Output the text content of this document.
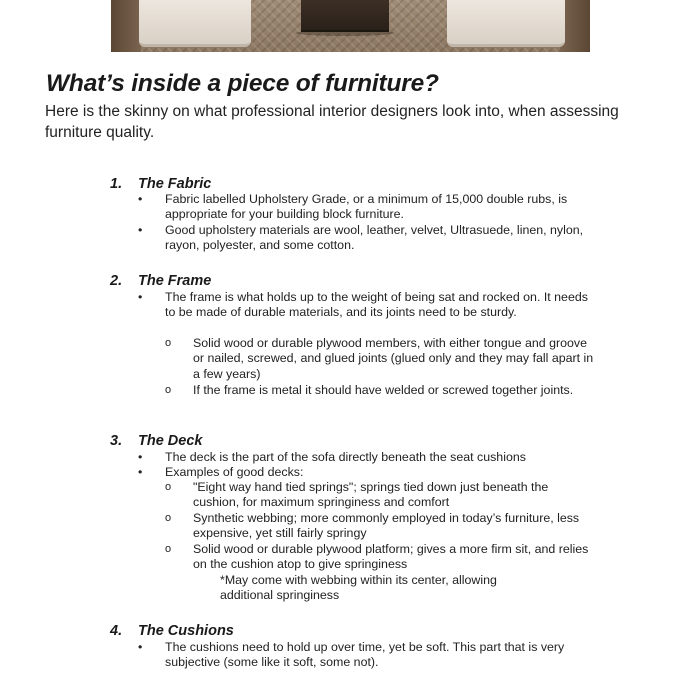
What’s inside a piece of furniture?

Here is the skinny on what professional interior designers look into, when assessing furniture quality.

1. The Fabric

• Fabric labelled Upholstery Grade, or a minimum of 15,000 double rubs, is appropriate for your building block furniture.

• Good upholstery materials are wool, leather, velvet, Ultrasuede, linen, nylon, rayon, polyester, and some cotton.

2. The Frame

• The frame is what holds up to the weight of being sat and rocked on. It needs to be made of durable materials, and its joints need to be sturdy.

o Solid wood or durable plywood members, with either tongue and groove or nailed, screwed, and glued joints (glued only and they may fall apart in a few years)

o If the frame is metal it should have welded or screwed together joints.

3. The Deck

• The deck is the part of the sofa directly beneath the seat cushions

• Examples of good decks:

o "Eight way hand tied springs"; springs tied down just beneath the cushion, for maximum springiness and comfort

o Synthetic webbing; more commonly employed in today’s furniture, less expensive, yet still fairly springy

o Solid wood or durable plywood platform; gives a more firm sit, and relies on the cushion atop to give springiness

*May come with webbing within its center, allowing additional springiness

4. The Cushions

• The cushions need to hold up over time, yet be soft. This part that is very subjective (some like it soft, some not).
